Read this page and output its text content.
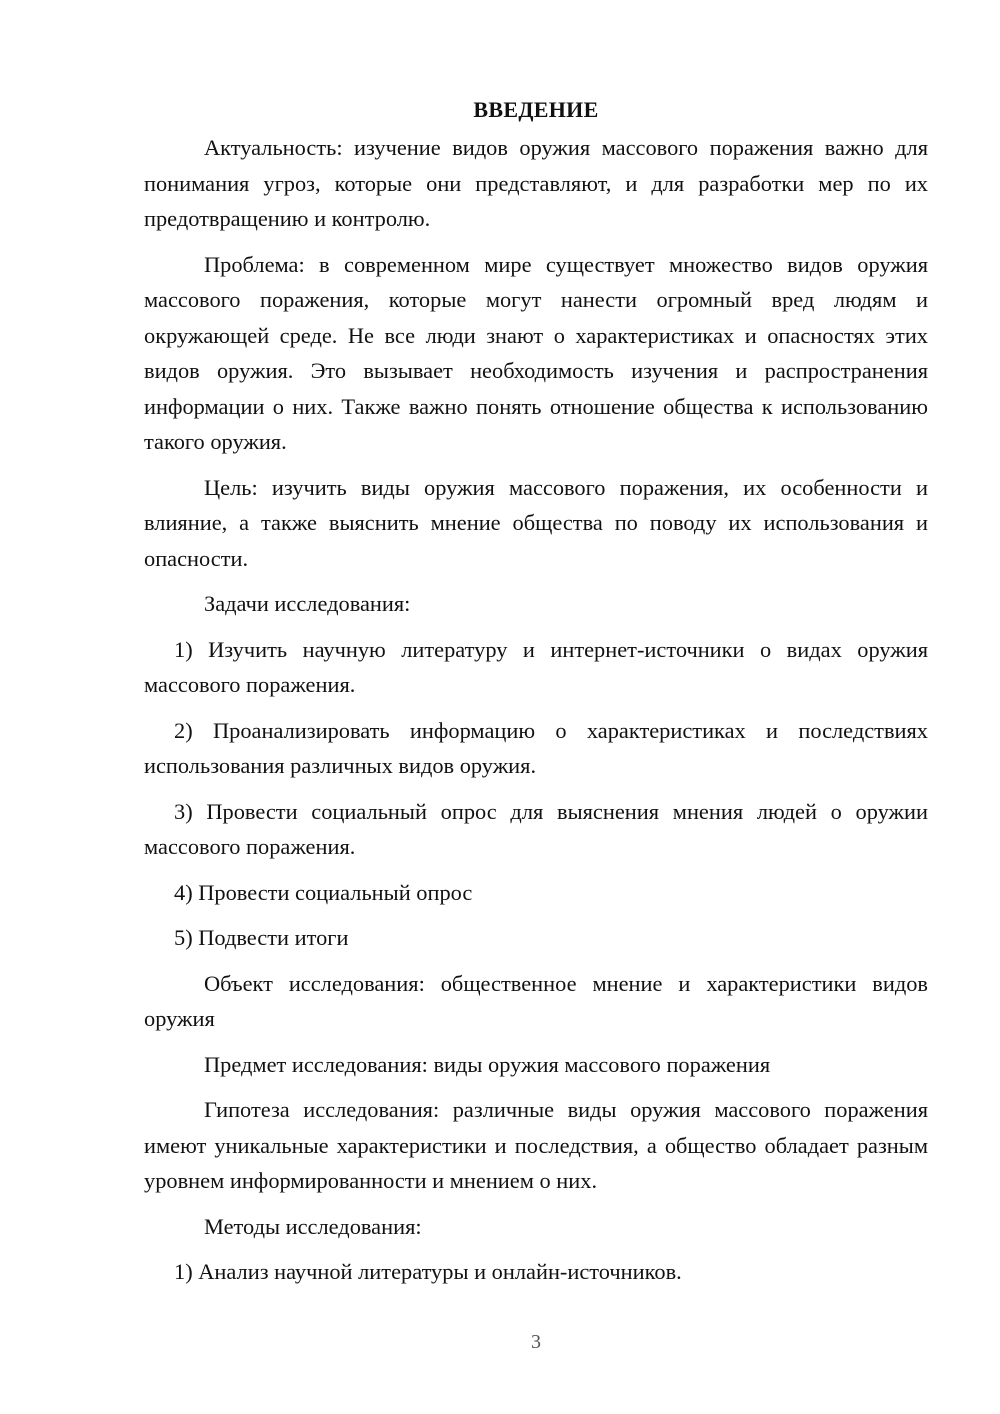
ВВЕДЕНИЕ

Актуальность: изучение видов оружия массового поражения важно для понимания угроз, которые они представляют, и для разработки мер по их предотвращению и контролю.

Проблема: в современном мире существует множество видов оружия массового поражения, которые могут нанести огромный вред людям и окружающей среде. Не все люди знают о характеристиках и опасностях этих видов оружия. Это вызывает необходимость изучения и распространения информации о них. Также важно понять отношение общества к использованию такого оружия.

Цель: изучить виды оружия массового поражения, их особенности и влияние, а также выяснить мнение общества по поводу их использования и опасности.

Задачи исследования:

1) Изучить научную литературу и интернет-источники о видах оружия массового поражения.

2) Проанализировать информацию о характеристиках и последствиях использования различных видов оружия.

3) Провести социальный опрос для выяснения мнения людей о оружии массового поражения.

4) Провести социальный опрос

5) Подвести итоги

Объект исследования: общественное мнение и характеристики видов оружия

Предмет исследования: виды оружия массового поражения

Гипотеза исследования: различные виды оружия массового поражения имеют уникальные характеристики и последствия, а общество обладает разным уровнем информированности и мнением о них.

Методы исследования:

1) Анализ научной литературы и онлайн-источников.

3
